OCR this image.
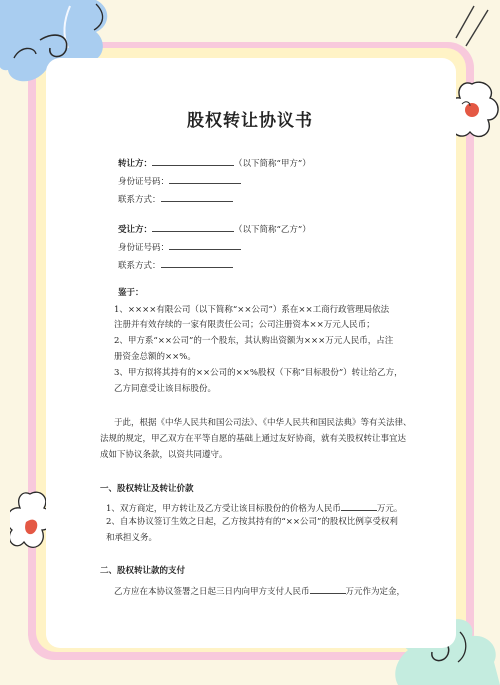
股权转让协议书
转让方：	（以下简称“甲方”）
身份证号码：
联系方式：
受让方：	（以下简称“乙方”）
身份证号码：
联系方式：
鉴于：
1、××××有限公司（以下简称“××公司”）系在××工商行政管理局依法
注册并有效存续的一家有限责任公司；公司注册资本××万元人民币；
2、甲方系“××公司”的一个股东，其认购出资额为×××万元人民币，占注
册资金总额的××%。
3、甲方拟将其持有的××公司的××%股权（下称“目标股份”）转让给乙方，
乙方同意受让该目标股份。
于此，根据《中华人民共和国公司法》、《中华人民共和国民法典》等有关法律、
法规的规定，甲乙双方在平等自愿的基础上通过友好协商，就有关股权转让事宜达
成如下协议条款，以资共同遵守。
一、股权转让及转让价款
1、双方商定，甲方转让及乙方受让该目标股份的价格为人民币	万元。
2、自本协议签订生效之日起，乙方按其持有的“××公司”的股权比例享受权利
和承担义务。
二、股权转让款的支付
乙方应在本协议签署之日起三日内向甲方支付人民币	万元作为定金，
